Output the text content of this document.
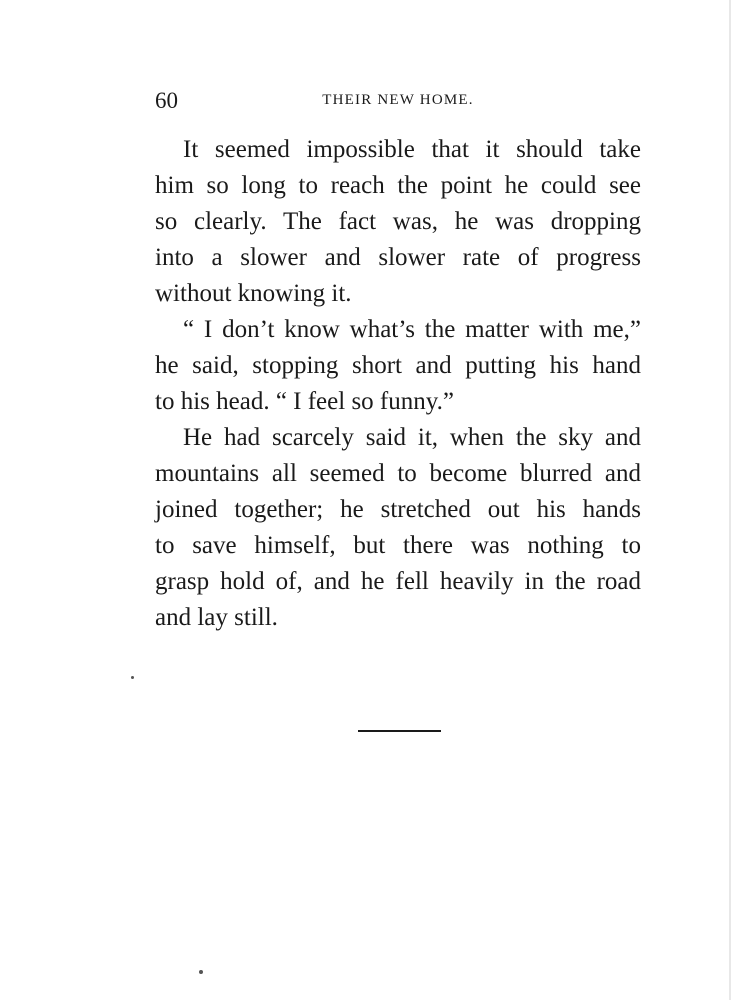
60	THEIR NEW HOME.
It seemed impossible that it should take
him so long to reach the point he could see
so clearly. The fact was, he was dropping
into a slower and slower rate of progress
without knowing it.
“ I don’t know what’s the matter with me,”
he said, stopping short and putting his hand
to his head. “ I feel so funny.”
He had scarcely said it, when the sky and
mountains all seemed to become blurred and
joined together; he stretched out his hands
to save himself, but there was nothing to
grasp hold of, and he fell heavily in the road
and lay still.
